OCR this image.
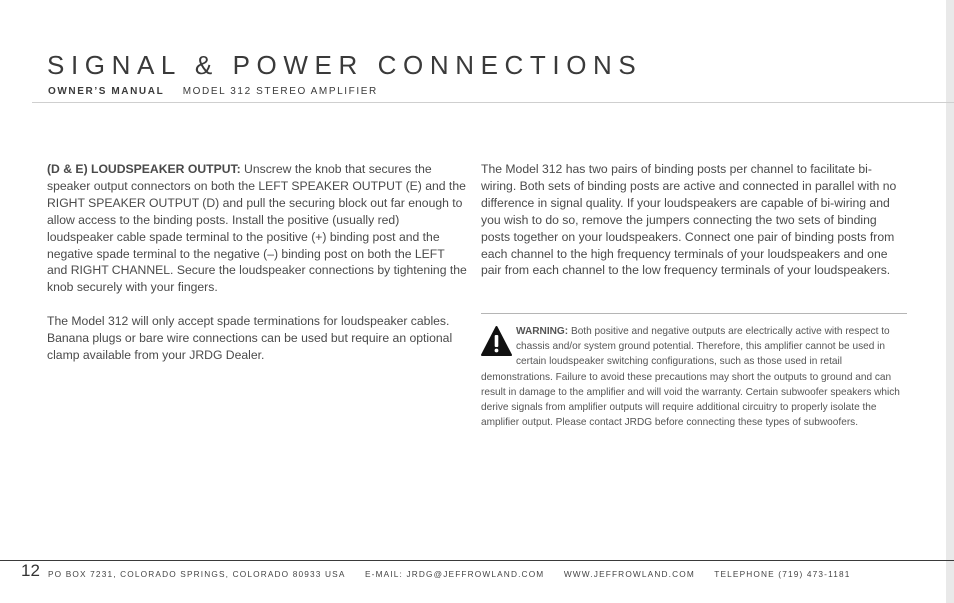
SIGNAL & POWER CONNECTIONS
OWNER’S MANUAL MODEL 312 STEREO AMPLIFIER

(D & E) LOUDSPEAKER OUTPUT: Unscrew the knob that secures the speaker output connectors on both the LEFT SPEAKER OUTPUT (E) and the RIGHT SPEAKER OUTPUT (D) and pull the securing block out far enough to allow access to the binding posts. Install the positive (usually red) loudspeaker cable spade terminal to the positive (+) binding post and the negative spade terminal to the negative (–) binding post on both the LEFT and RIGHT CHANNEL. Secure the loudspeaker connections by tightening the knob securely with your fingers.

The Model 312 will only accept spade terminations for loudspeaker cables. Banana plugs or bare wire connections can be used but require an optional clamp available from your JRDG Dealer.

The Model 312 has two pairs of binding posts per channel to facilitate bi-wiring. Both sets of binding posts are active and connected in parallel with no difference in signal quality. If your loudspeakers are capable of bi-wiring and you wish to do so, remove the jumpers connecting the two sets of binding posts together on your loudspeakers. Connect one pair of binding posts from each channel to the high frequency terminals of your loudspeakers and one pair from each channel to the low frequency terminals of your loudspeakers.

WARNING: Both positive and negative outputs are electrically active with respect to chassis and/or system ground potential. Therefore, this amplifier cannot be used in certain loudspeaker switching configurations, such as those used in retail demonstrations. Failure to avoid these precautions may short the outputs to ground and can result in damage to the amplifier and will void the warranty. Certain subwoofer speakers which derive signals from amplifier outputs will require additional circuitry to properly isolate the amplifier output. Please contact JRDG before connecting these types of subwoofers.
12 PO BOX 7231, COLORADO SPRINGS, COLORADO 80933 USA E-MAIL: JRDG@JEFFROWLAND.COM WWW.JEFFROWLAND.COM TELEPHONE (719) 473-1181
